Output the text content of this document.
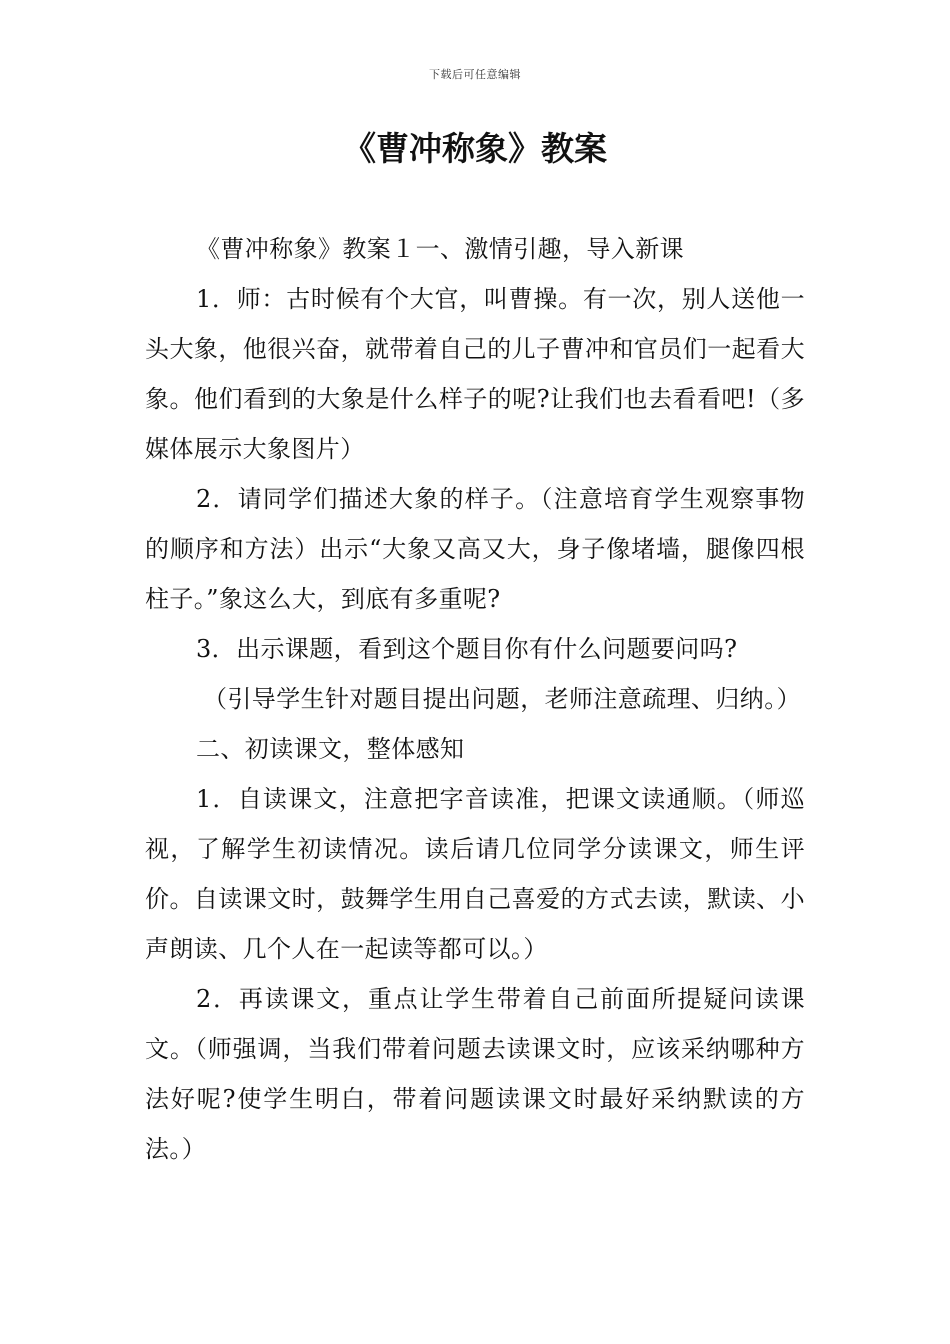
下载后可任意编辑
《曹冲称象》教案

《曹冲称象》教案１一、激情引趣，导入新课

1．师：古时候有个大官，叫曹操。有一次，别人送他一头大象，他很兴奋，就带着自己的儿子曹冲和官员们一起看大象。他们看到的大象是什么样子的呢?让我们也去看看吧!（多媒体展示大象图片）

2．请同学们描述大象的样子。（注意培育学生观察事物的顺序和方法）出示“大象又高又大，身子像堵墙，腿像四根柱子。”象这么大，到底有多重呢?

3．出示课题，看到这个题目你有什么问题要问吗?

（引导学生针对题目提出问题，老师注意疏理、归纳。）

二、初读课文，整体感知

1．自读课文，注意把字音读准，把课文读通顺。（师巡视，了解学生初读情况。读后请几位同学分读课文，师生评价。自读课文时，鼓舞学生用自己喜爱的方式去读，默读、小声朗读、几个人在一起读等都可以。）

2．再读课文，重点让学生带着自己前面所提疑问读课文。（师强调，当我们带着问题去读课文时，应该采纳哪种方法好呢?使学生明白，带着问题读课文时最好采纳默读的方法。）
